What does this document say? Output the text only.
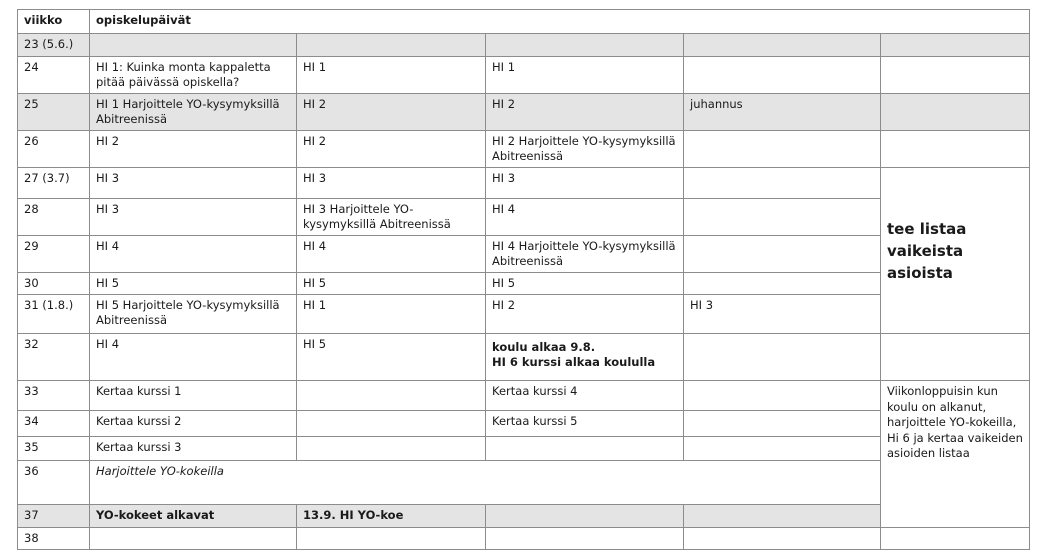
viikko	opiskelupäivät					
23 (5.6.)						
24	HI 1: Kuinka monta kappaletta pitää päivässä opiskella?	HI 1	HI 1			
25	HI 1 Harjoittele YO-kysymyksillä Abitreenissä	HI 2	HI 2	juhannus		
26	HI 2	HI 2	HI 2 Harjoittele YO-kysymyksillä Abitreenissä			
27 (3.7)	HI 3	HI 3	HI 3		tee listaa vaikeista asioista	
28	HI 3	HI 3 Harjoittele YO-kysymyksillä Abitreenissä	HI 4			
29	HI 4	HI 4	HI 4 Harjoittele YO-kysymyksillä Abitreenissä			
30	HI 5	HI 5	HI 5			
31 (1.8.)	HI 5 Harjoittele YO-kysymyksillä Abitreenissä	HI 1	HI 2	HI 3		
32	HI 4	HI 5	koulu alkaa 9.8.
HI 6 kurssi alkaa koululla			

33	Kertaa kurssi 1		Kertaa kurssi 4		Viikonloppuisin kun koulu on alkanut, harjoittele YO-kokeilla, Hi 6 ja kertaa vaikeiden asioiden listaa	
34	Kertaa kurssi 2		Kertaa kurssi 5			
35	Kertaa kurssi 3					
36	Harjoittele YO-kokeilla					
37	YO-kokeet alkavat	13.9. HI YO-koe				
38						
